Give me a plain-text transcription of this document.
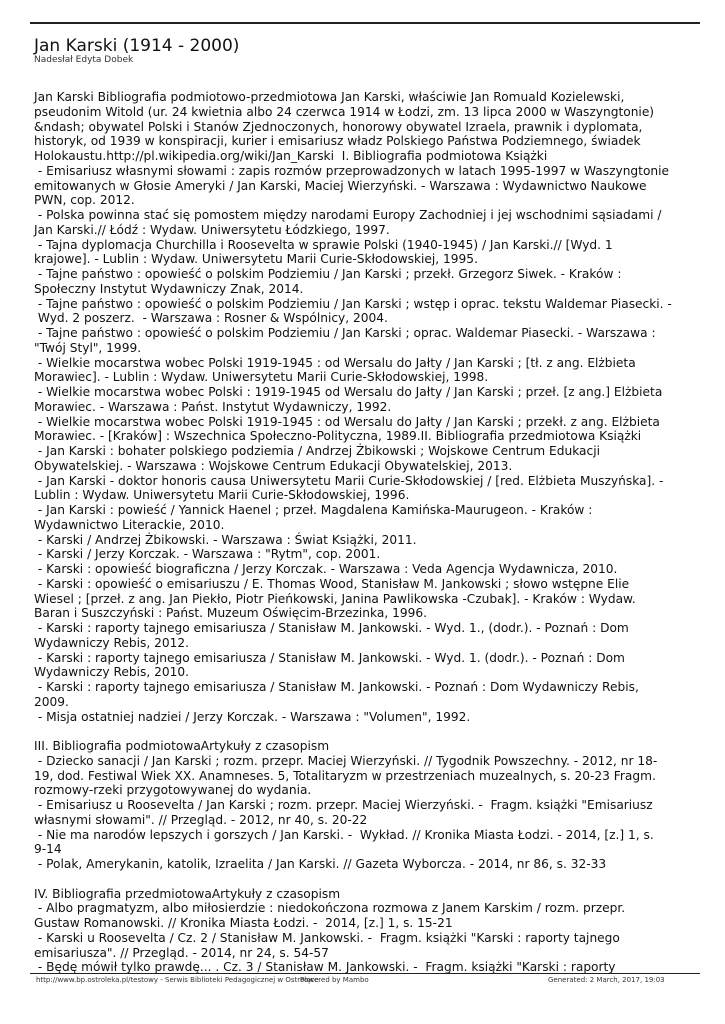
Jan Karski (1914 - 2000)
Nadesłał Edyta Dobek
Jan Karski Bibliografia podmiotowo-przedmiotowa Jan Karski, właściwie Jan Romuald Kozielewski,
pseudonim Witold (ur. 24 kwietnia albo 24 czerwca 1914 w Łodzi, zm. 13 lipca 2000 w Waszyngtonie)
&ndash; obywatel Polski i Stanów Zjednoczonych, honorowy obywatel Izraela, prawnik i dyplomata,
historyk, od 1939 w konspiracji, kurier i emisariusz władz Polskiego Państwa Podziemnego, świadek
Holokaustu.http://pl.wikipedia.org/wiki/Jan_Karski  I. Bibliografia podmiotowa Książki
- Emisariusz własnymi słowami : zapis rozmów przeprowadzonych w latach 1995-1997 w Waszyngtonie
emitowanych w Głosie Ameryki / Jan Karski, Maciej Wierzyński. - Warszawa : Wydawnictwo Naukowe
PWN, cop. 2012.
- Polska powinna stać się pomostem między narodami Europy Zachodniej i jej wschodnimi sąsiadami /
Jan Karski.// Łódź : Wydaw. Uniwersytetu Łódzkiego, 1997.
- Tajna dyplomacja Churchilla i Roosevelta w sprawie Polski (1940-1945) / Jan Karski.// [Wyd. 1
krajowe]. - Lublin : Wydaw. Uniwersytetu Marii Curie-Skłodowskiej, 1995.
- Tajne państwo : opowieść o polskim Podziemiu / Jan Karski ; przekł. Grzegorz Siwek. - Kraków :
Społeczny Instytut Wydawniczy Znak, 2014.
- Tajne państwo : opowieść o polskim Podziemiu / Jan Karski ; wstęp i oprac. tekstu Waldemar Piasecki. -
Wyd. 2 poszerz.  - Warszawa : Rosner & Wspólnicy, 2004.
- Tajne państwo : opowieść o polskim Podziemiu / Jan Karski ; oprac. Waldemar Piasecki. - Warszawa :
"Twój Styl", 1999.
- Wielkie mocarstwa wobec Polski 1919-1945 : od Wersalu do Jałty / Jan Karski ; [tł. z ang. Elżbieta
Morawiec]. - Lublin : Wydaw. Uniwersytetu Marii Curie-Skłodowskiej, 1998.
- Wielkie mocarstwa wobec Polski : 1919-1945 od Wersalu do Jałty / Jan Karski ; przeł. [z ang.] Elżbieta
Morawiec. - Warszawa : Państ. Instytut Wydawniczy, 1992.
- Wielkie mocarstwa wobec Polski 1919-1945 : od Wersalu do Jałty / Jan Karski ; przekł. z ang. Elżbieta
Morawiec. - [Kraków] : Wszechnica Społeczno-Polityczna, 1989.II. Bibliografia przedmiotowa Książki
- Jan Karski : bohater polskiego podziemia / Andrzej Żbikowski ; Wojskowe Centrum Edukacji
Obywatelskiej. - Warszawa : Wojskowe Centrum Edukacji Obywatelskiej, 2013.
- Jan Karski - doktor honoris causa Uniwersytetu Marii Curie-Skłodowskiej / [red. Elżbieta Muszyńska]. -
Lublin : Wydaw. Uniwersytetu Marii Curie-Skłodowskiej, 1996.
- Jan Karski : powieść / Yannick Haenel ; przeł. Magdalena Kamińska-Maurugeon. - Kraków :
Wydawnictwo Literackie, 2010.
- Karski / Andrzej Żbikowski. - Warszawa : Świat Książki, 2011.
- Karski / Jerzy Korczak. - Warszawa : "Rytm", cop. 2001.
- Karski : opowieść biograficzna / Jerzy Korczak. - Warszawa : Veda Agencja Wydawnicza, 2010.
- Karski : opowieść o emisariuszu / E. Thomas Wood, Stanisław M. Jankowski ; słowo wstępne Elie
Wiesel ; [przeł. z ang. Jan Piekło, Piotr Pieńkowski, Janina Pawlikowska -Czubak]. - Kraków : Wydaw.
Baran i Suszczyński : Państ. Muzeum Oświęcim-Brzezinka, 1996.
- Karski : raporty tajnego emisariusza / Stanisław M. Jankowski. - Wyd. 1., (dodr.). - Poznań : Dom
Wydawniczy Rebis, 2012.
- Karski : raporty tajnego emisariusza / Stanisław M. Jankowski. - Wyd. 1. (dodr.). - Poznań : Dom
Wydawniczy Rebis, 2010.
- Karski : raporty tajnego emisariusza / Stanisław M. Jankowski. - Poznań : Dom Wydawniczy Rebis,
2009.
- Misja ostatniej nadziei / Jerzy Korczak. - Warszawa : "Volumen", 1992.
III. Bibliografia podmiotowaArtykuły z czasopism
- Dziecko sanacji / Jan Karski ; rozm. przepr. Maciej Wierzyński. // Tygodnik Powszechny. - 2012, nr 18-
19, dod. Festiwal Wiek XX. Anamneses. 5, Totalitaryzm w przestrzeniach muzealnych, s. 20-23 Fragm.
rozmowy-rzeki przygotowywanej do wydania.
- Emisariusz u Roosevelta / Jan Karski ; rozm. przepr. Maciej Wierzyński. -  Fragm. książki "Emisariusz
własnymi słowami". // Przegląd. - 2012, nr 40, s. 20-22
- Nie ma narodów lepszych i gorszych / Jan Karski. -  Wykład. // Kronika Miasta Łodzi. - 2014, [z.] 1, s.
9-14
- Polak, Amerykanin, katolik, Izraelita / Jan Karski. // Gazeta Wyborcza. - 2014, nr 86, s. 32-33
IV. Bibliografia przedmiotowaArtykuły z czasopism
- Albo pragmatyzm, albo miłosierdzie : niedokończona rozmowa z Janem Karskim / rozm. przepr.
Gustaw Romanowski. // Kronika Miasta Łodzi. -  2014, [z.] 1, s. 15-21
- Karski u Roosevelta / Cz. 2 / Stanisław M. Jankowski. -  Fragm. książki "Karski : raporty tajnego
emisariusza". // Przegląd. - 2014, nr 24, s. 54-57
- Będę mówił tylko prawdę... . Cz. 3 / Stanisław M. Jankowski. -  Fragm. książki "Karski : raporty
http://www.bp.ostroleka.pl/testowy - Serwis Biblioteki Pedagogicznej w Ostrołęce
Powered by Mambo	Generated: 2 March, 2017, 19:03
